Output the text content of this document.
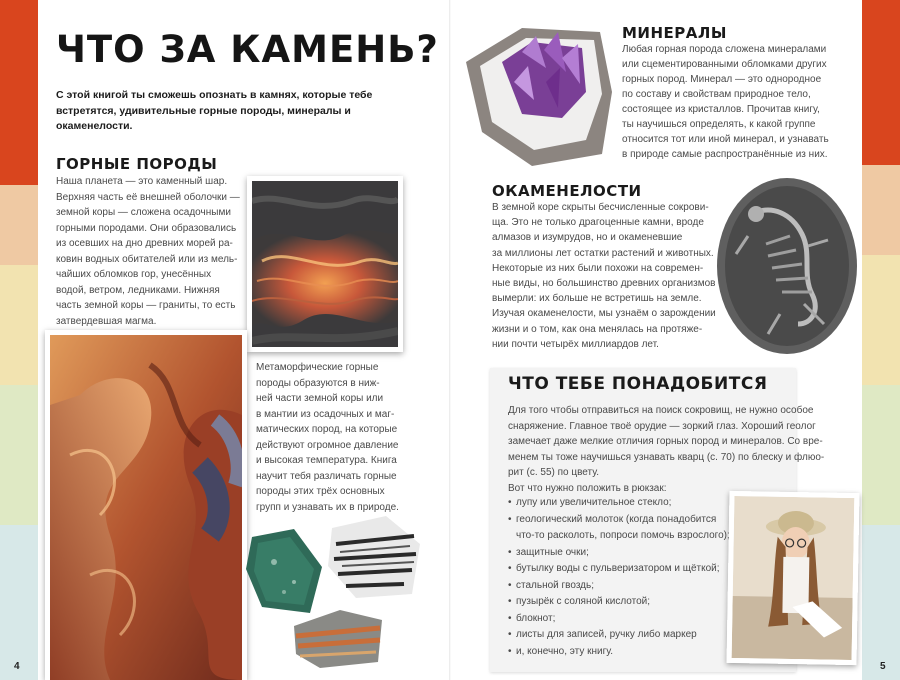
ЧТО ЗА КАМЕНЬ?
С этой книгой ты сможешь опознать в камнях, которые тебе встретятся, удивительные горные породы, минералы и окаменелости.
ГОРНЫЕ ПОРОДЫ
Наша планета — это каменный шар.
Верхняя часть её внешней оболочки —
земной коры — сложена осадочными
горными породами. Они образовались
из осевших на дно древних морей ра-
ковин водных обитателей или из мель-
чайших обломков гор, унесённых
водой, ветром, ледниками. Нижняя
часть земной коры — граниты, то есть
затвердевшая магма.
Метаморфические горные
породы образуются в ниж-
ней части земной коры или
в мантии из осадочных и маг-
матических пород, на которые
действуют огромное давление
и высокая температура. Книга
научит тебя различать горные
породы этих трёх основных
групп и узнавать их в природе.
4
МИНЕРАЛЫ
Любая горная порода сложена минералами
или сцементированными обломками других
горных пород. Минерал — это однородное
по составу и свойствам природное тело,
состоящее из кристаллов. Прочитав книгу,
ты научишься определять, к какой группе
относится тот или иной минерал, и узнавать
в природе самые распространённые из них.
ОКАМЕНЕЛОСТИ
В земной коре скрыты бесчисленные сокрови-
ща. Это не только драгоценные камни, вроде
алмазов и изумрудов, но и окаменевшие
за миллионы лет остатки растений и животных.
Некоторые из них были похожи на современ-
ные виды, но большинство древних организмов
вымерли: их больше не встретишь на земле.
Изучая окаменелости, мы узнаём о зарождении
жизни и о том, как она менялась на протяже-
нии почти четырёх миллиардов лет.
ЧТО ТЕБЕ ПОНАДОБИТСЯ
Для того чтобы отправиться на поиск сокровищ, не нужно особое
снаряжение. Главное твоё орудие — зоркий глаз. Хороший геолог
замечает даже мелкие отличия горных пород и минералов. Со вре-
менем ты тоже научишься узнавать кварц (с. 70) по блеску и флюо-
рит (с. 55) по цвету.
Вот что нужно положить в рюкзак:
• лупу или увеличительное стекло;
• геологический молоток (когда понадобится
что-то расколоть, попроси помочь взрослого);
• защитные очки;
• бутылку воды с пульверизатором и щёткой;
• стальной гвоздь;
• пузырёк с соляной кислотой;
• блокнот;
• листы для записей, ручку либо маркер
• и, конечно, эту книгу.
5
